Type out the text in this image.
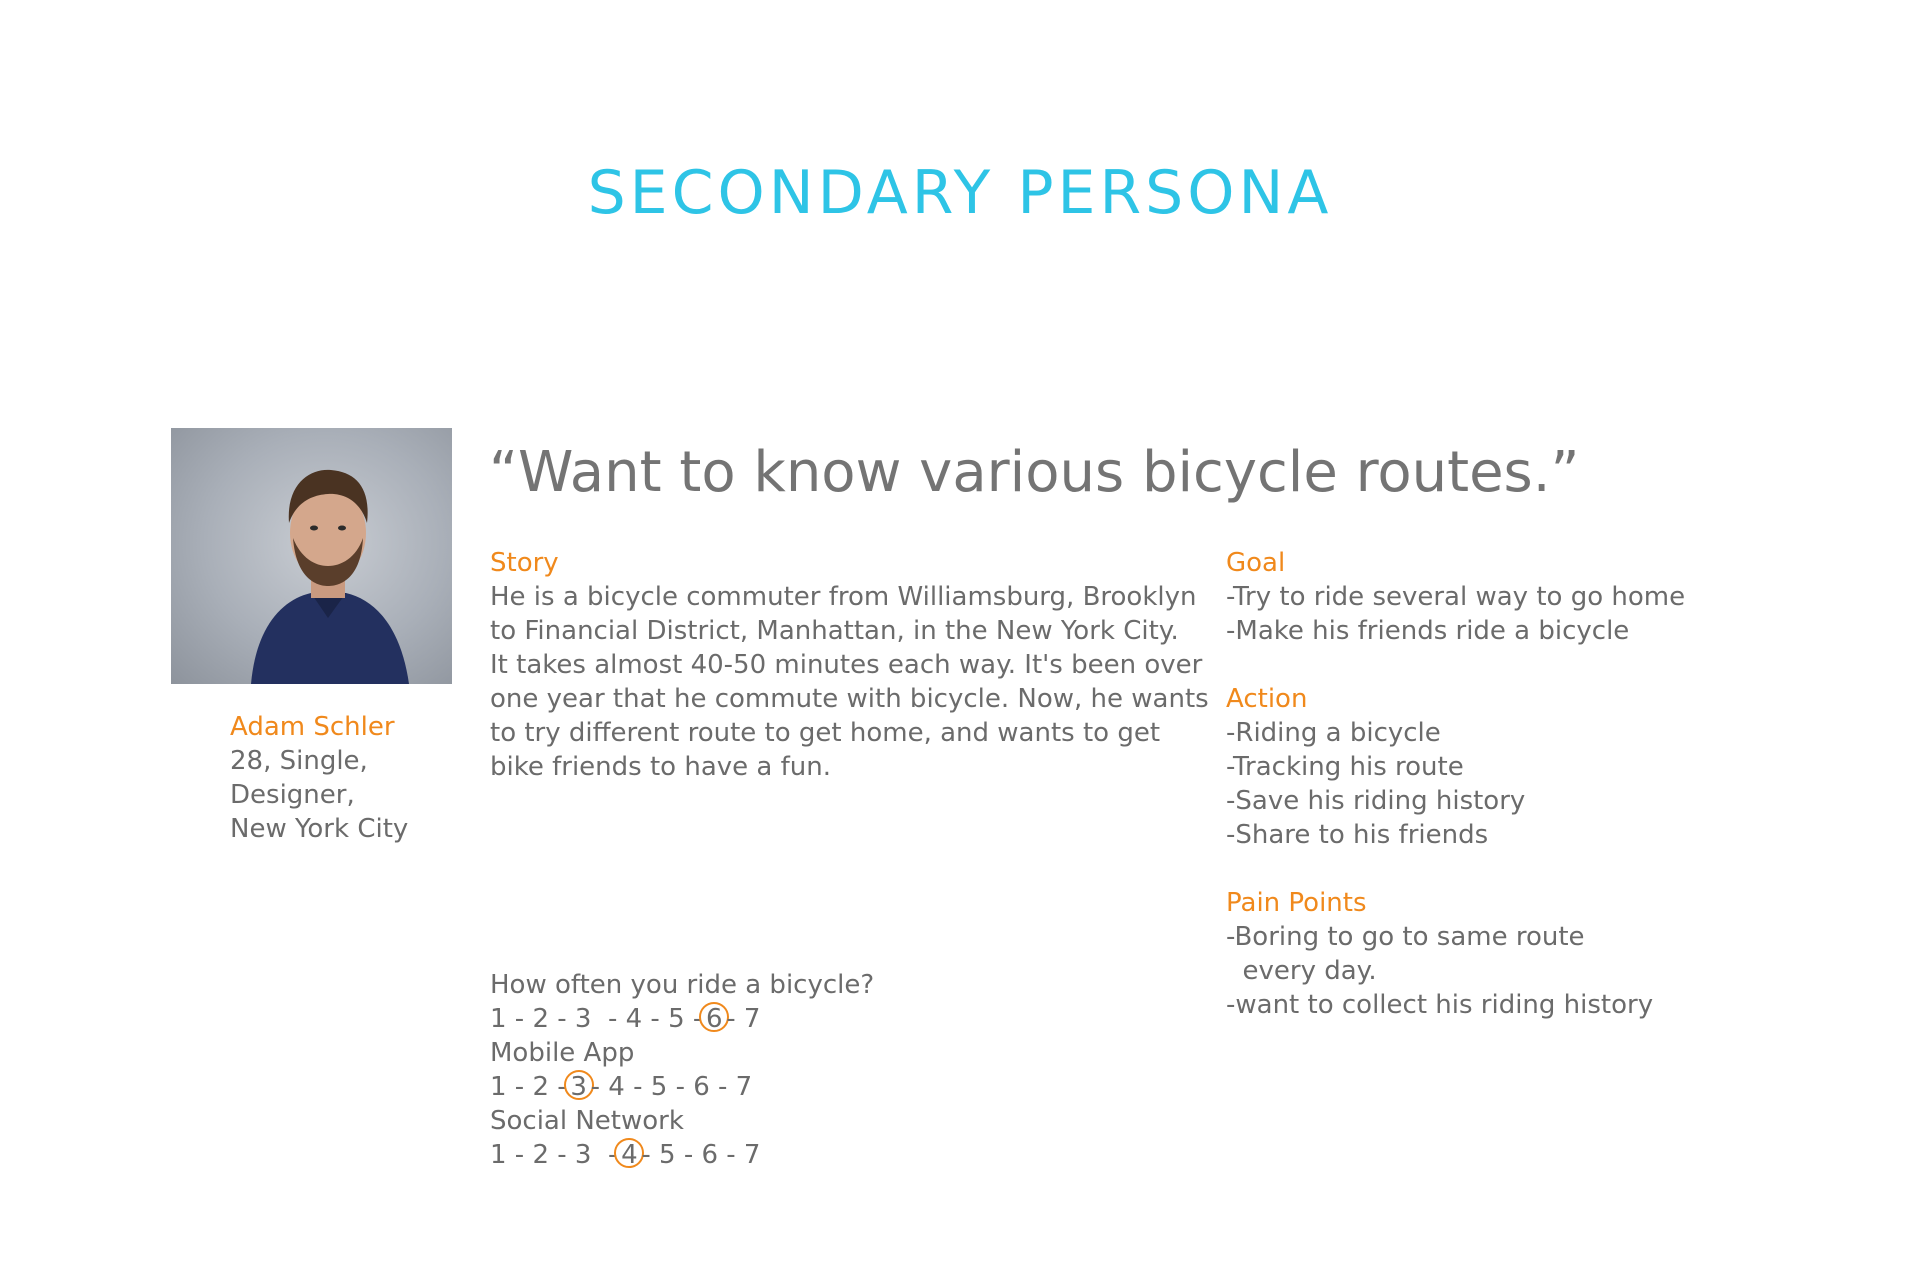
SECONDARY PERSONA
Adam Schler
28, Single,
Designer,
New York City
“Want to know various bicycle routes.”
Story
He is a bicycle commuter from Williamsburg, Brooklyn
to Financial District, Manhattan, in the New York City.
It takes almost 40-50 minutes each way. It's been over
one year that he commute with bicycle. Now, he wants
to try different route to get home, and wants to get
bike friends to have a fun.
How often you ride a bicycle?
1 - 2 - 3  - 4 - 5 - 6 - 7
Mobile App
1 - 2 - 3 - 4 - 5 - 6 - 7
Social Network
1 - 2 - 3  - 4 - 5 - 6 - 7
Goal
-Try to ride several way to go home
-Make his friends ride a bicycle
Action
-Riding a bicycle
-Tracking his route
-Save his riding history
-Share to his friends
Pain Points
-Boring to go to same route
every day.
-want to collect his riding history
